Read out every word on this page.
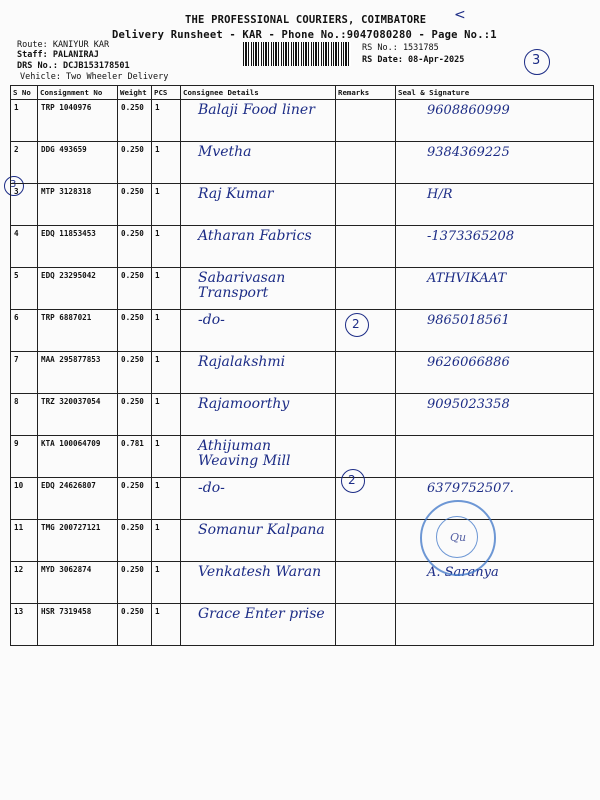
THE PROFESSIONAL COURIERS, COIMBATORE
Delivery Runsheet - KAR - Phone No.:9047080280 - Page No.:1
Route: KANIYUR KAR
Staff: PALANIRAJ
DRS No.: DCJB153178501
Vehicle: Two Wheeler Delivery
RS No.: 1531785
RS Date: 08-Apr-2025
<
3
3
S No	Consignment No	Weight	PCS	Consignee Details	Remarks	Seal & Signature
1	TRP 1040976	0.250	1	Balaji Food liner		9608860999

2	DDG 493659	0.250	1	Mvetha		9384369225

3	MTP 3128318	0.250	1	Raj Kumar		H/R

4	EDQ 11853453	0.250	1	Atharan Fabrics		-1373365208

5	EDQ 23295042	0.250	1	Sabarivasan Transport		ATHVIKAAT

6	TRP 6887021	0.250	1	-do-		9865018561

7	MAA 295877853	0.250	1	Rajalakshmi		9626066886

8	TRZ 320037054	0.250	1	Rajamoorthy		9095023358

9	KTA 100064709	0.781	1	Athijuman Weaving Mill		

10	EDQ 24626807	0.250	1	-do-		6379752507.

11	TMG 200727121	0.250	1	Somanur Kalpana		

12	MYD 3062874	0.250	1	Venkatesh Waran		A. Saranya

13	HSR 7319458	0.250	1	Grace Enter prise		

Qu
2
2
